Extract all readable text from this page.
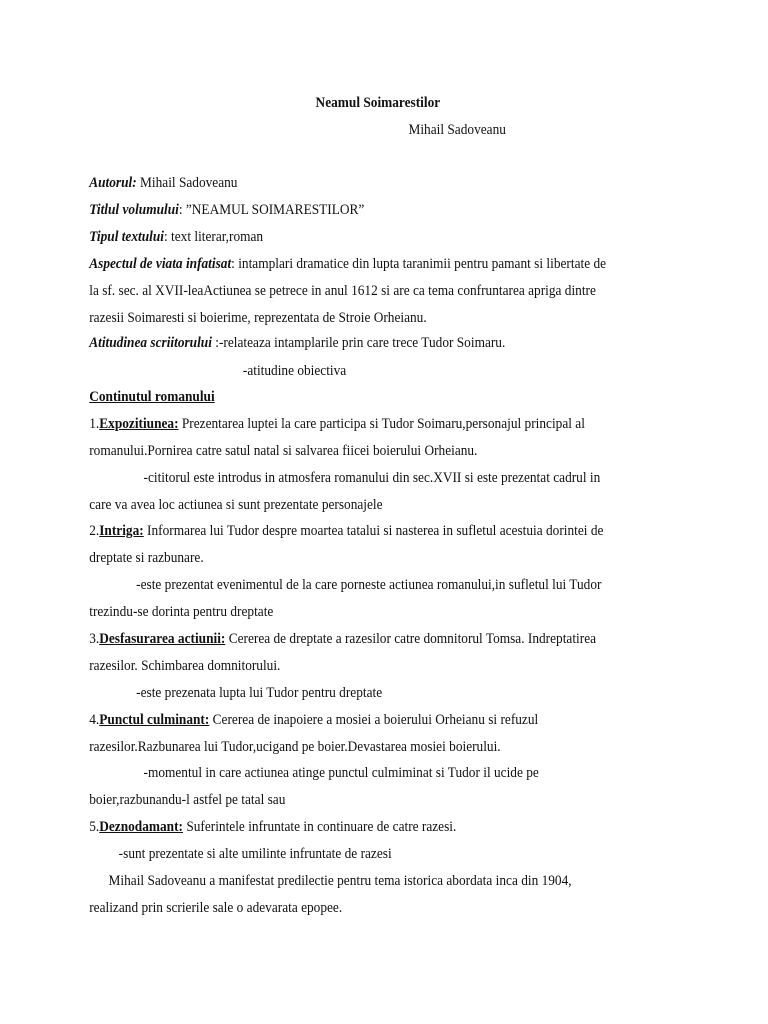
Neamul Soimarestilor
Mihail Sadoveanu
Autorul: Mihail Sadoveanu
Titlul volumului: ”NEAMUL SOIMARESTILOR”
Tipul textului: text literar,roman
Aspectul de viata infatisat: intamplari dramatice din lupta taranimii pentru pamant si libertate de
la sf. sec. al XVII-leaActiunea se petrece in anul 1612 si are ca tema confruntarea apriga dintre
razesii Soimaresti si boierime, reprezentata de Stroie Orheianu.
Atitudinea scriitorului :-relateaza intamplarile prin care trece Tudor Soimaru.
-atitudine obiectiva
Continutul romanului
1.Expozitiunea: Prezentarea luptei la care participa si Tudor Soimaru,personajul principal al
romanului.Pornirea catre satul natal si salvarea fiicei boierului Orheianu.
-cititorul este introdus in atmosfera romanului din sec.XVII si este prezentat cadrul in
care va avea loc actiunea si sunt prezentate personajele
2.Intriga: Informarea lui Tudor despre moartea tatalui si nasterea in sufletul acestuia dorintei de
dreptate si razbunare.
-este prezentat evenimentul de la care porneste actiunea romanului,in sufletul lui Tudor
trezindu-se dorinta pentru dreptate
3.Desfasurarea actiunii: Cererea de dreptate a razesilor catre domnitorul Tomsa. Indreptatirea
razesilor. Schimbarea domnitorului.
-este prezenata lupta lui Tudor pentru dreptate
4.Punctul culminant: Cererea de inapoiere a mosiei a boierului Orheianu si refuzul
razesilor.Razbunarea lui Tudor,ucigand pe boier.Devastarea mosiei boierului.
-momentul in care actiunea atinge punctul culmiminat si Tudor il ucide pe
boier,razbunandu-l astfel pe tatal sau
5.Deznodamant: Suferintele infruntate in continuare de catre razesi.
-sunt prezentate si alte umilinte infruntate de razesi
Mihail Sadoveanu a manifestat predilectie pentru tema istorica abordata inca din 1904,
realizand prin scrierile sale o adevarata epopee.
